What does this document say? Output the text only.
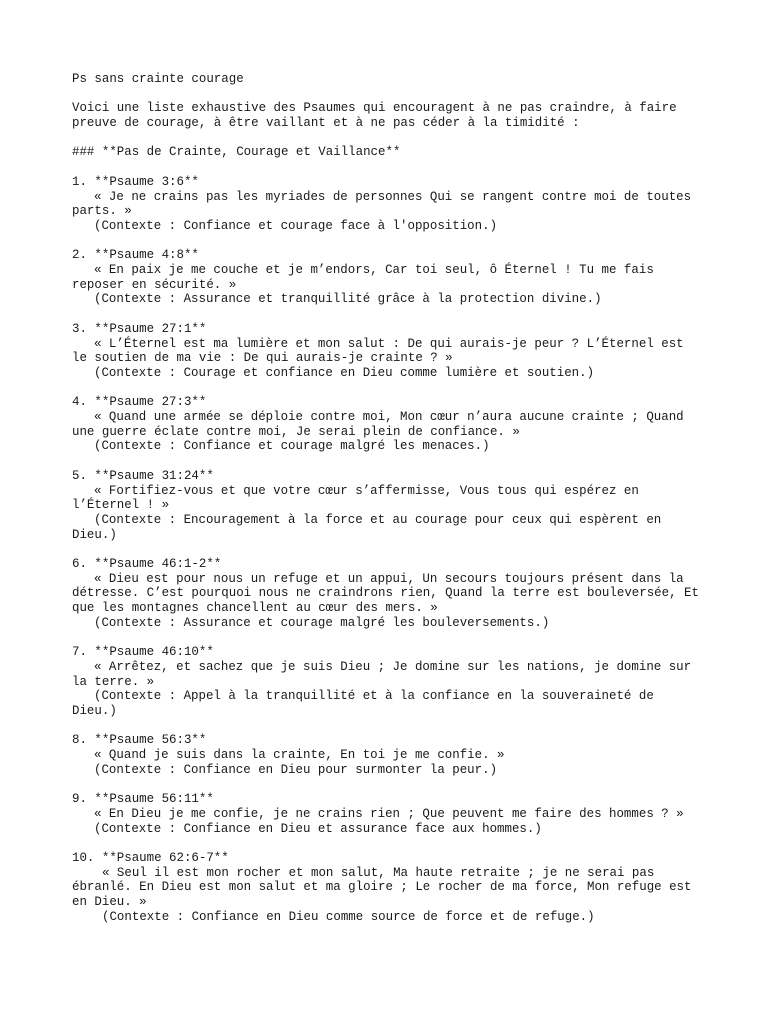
Ps sans crainte courage
Voici une liste exhaustive des Psaumes qui encouragent à ne pas craindre, à faire preuve de courage, à être vaillant et à ne pas céder à la timidité :
### **Pas de Crainte, Courage et Vaillance**
1. **Psaume 3:6**
« Je ne crains pas les myriades de personnes Qui se rangent contre moi de toutes parts. »
(Contexte : Confiance et courage face à l'opposition.)
2. **Psaume 4:8**
« En paix je me couche et je m’endors, Car toi seul, ô Éternel ! Tu me fais reposer en sécurité. »
(Contexte : Assurance et tranquillité grâce à la protection divine.)
3. **Psaume 27:1**
« L’Éternel est ma lumière et mon salut : De qui aurais-je peur ? L’Éternel est le soutien de ma vie : De qui aurais-je crainte ? »
(Contexte : Courage et confiance en Dieu comme lumière et soutien.)
4. **Psaume 27:3**
« Quand une armée se déploie contre moi, Mon cœur n’aura aucune crainte ; Quand une guerre éclate contre moi, Je serai plein de confiance. »
(Contexte : Confiance et courage malgré les menaces.)
5. **Psaume 31:24**
« Fortifiez-vous et que votre cœur s’affermisse, Vous tous qui espérez en l’Éternel ! »
(Contexte : Encouragement à la force et au courage pour ceux qui espèrent en Dieu.)
6. **Psaume 46:1-2**
« Dieu est pour nous un refuge et un appui, Un secours toujours présent dans la détresse. C’est pourquoi nous ne craindrons rien, Quand la terre est bouleversée, Et que les montagnes chancellent au cœur des mers. »
(Contexte : Assurance et courage malgré les bouleversements.)
7. **Psaume 46:10**
« Arrêtez, et sachez que je suis Dieu ; Je domine sur les nations, je domine sur la terre. »
(Contexte : Appel à la tranquillité et à la confiance en la souveraineté de Dieu.)
8. **Psaume 56:3**
« Quand je suis dans la crainte, En toi je me confie. »
(Contexte : Confiance en Dieu pour surmonter la peur.)
9. **Psaume 56:11**
« En Dieu je me confie, je ne crains rien ; Que peuvent me faire des hommes ? »
(Contexte : Confiance en Dieu et assurance face aux hommes.)
10. **Psaume 62:6-7**
« Seul il est mon rocher et mon salut, Ma haute retraite ; je ne serai pas ébranlé. En Dieu est mon salut et ma gloire ; Le rocher de ma force, Mon refuge est en Dieu. »
(Contexte : Confiance en Dieu comme source de force et de refuge.)
